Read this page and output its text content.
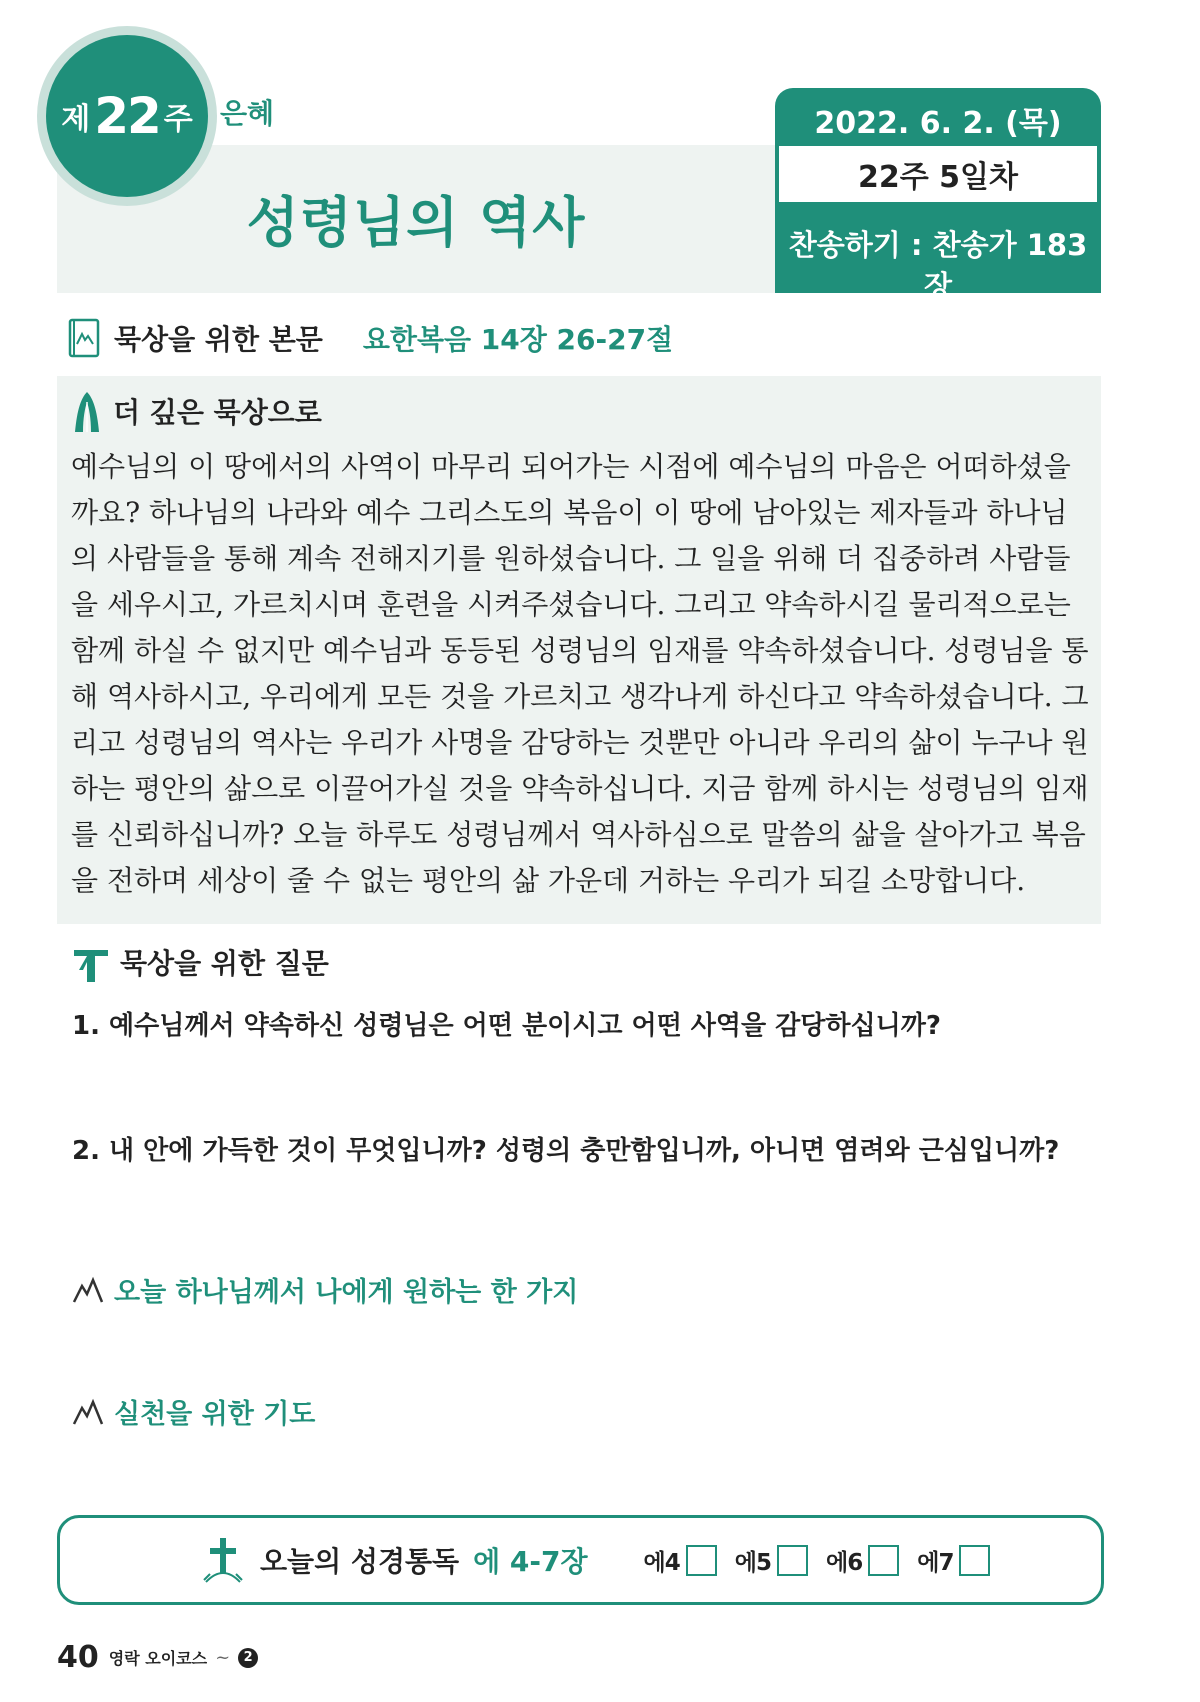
제 22 주 은혜
성령님의 역사
2022. 6. 2. (목)
22주 5일차
찬송하기 : 찬송가 183장
묵상을 위한 본문 요한복음 14장 26-27절
더 깊은 묵상으로

예수님의 이 땅에서의 사역이 마무리 되어가는 시점에 예수님의 마음은 어떠하셨을까요? 하나님의 나라와 예수 그리스도의 복음이 이 땅에 남아있는 제자들과 하나님의 사람들을 통해 계속 전해지기를 원하셨습니다. 그 일을 위해 더 집중하려 사람들을 세우시고, 가르치시며 훈련을 시켜주셨습니다. 그리고 약속하시길 물리적으로는 함께 하실 수 없지만 예수님과 동등된 성령님의 임재를 약속하셨습니다. 성령님을 통해 역사하시고, 우리에게 모든 것을 가르치고 생각나게 하신다고 약속하셨습니다. 그리고 성령님의 역사는 우리가 사명을 감당하는 것뿐만 아니라 우리의 삶이 누구나 원하는 평안의 삶으로 이끌어가실 것을 약속하십니다. 지금 함께 하시는 성령님의 임재를 신뢰하십니까? 오늘 하루도 성령님께서 역사하심으로 말씀의 삶을 살아가고 복음을 전하며 세상이 줄 수 없는 평안의 삶 가운데 거하는 우리가 되길 소망합니다.

묵상을 위한 질문
1. 예수님께서 약속하신 성령님은 어떤 분이시고 어떤 사역을 감당하십니까?
2. 내 안에 가득한 것이 무엇입니까? 성령의 충만함입니까, 아니면 염려와 근심입니까?
오늘 하나님께서 나에게 원하는 한 가지
실천을 위한 기도
오늘의 성경통독 에 4-7장 에4 에5 에6 에7
40 영락 오이코스 ~	2
